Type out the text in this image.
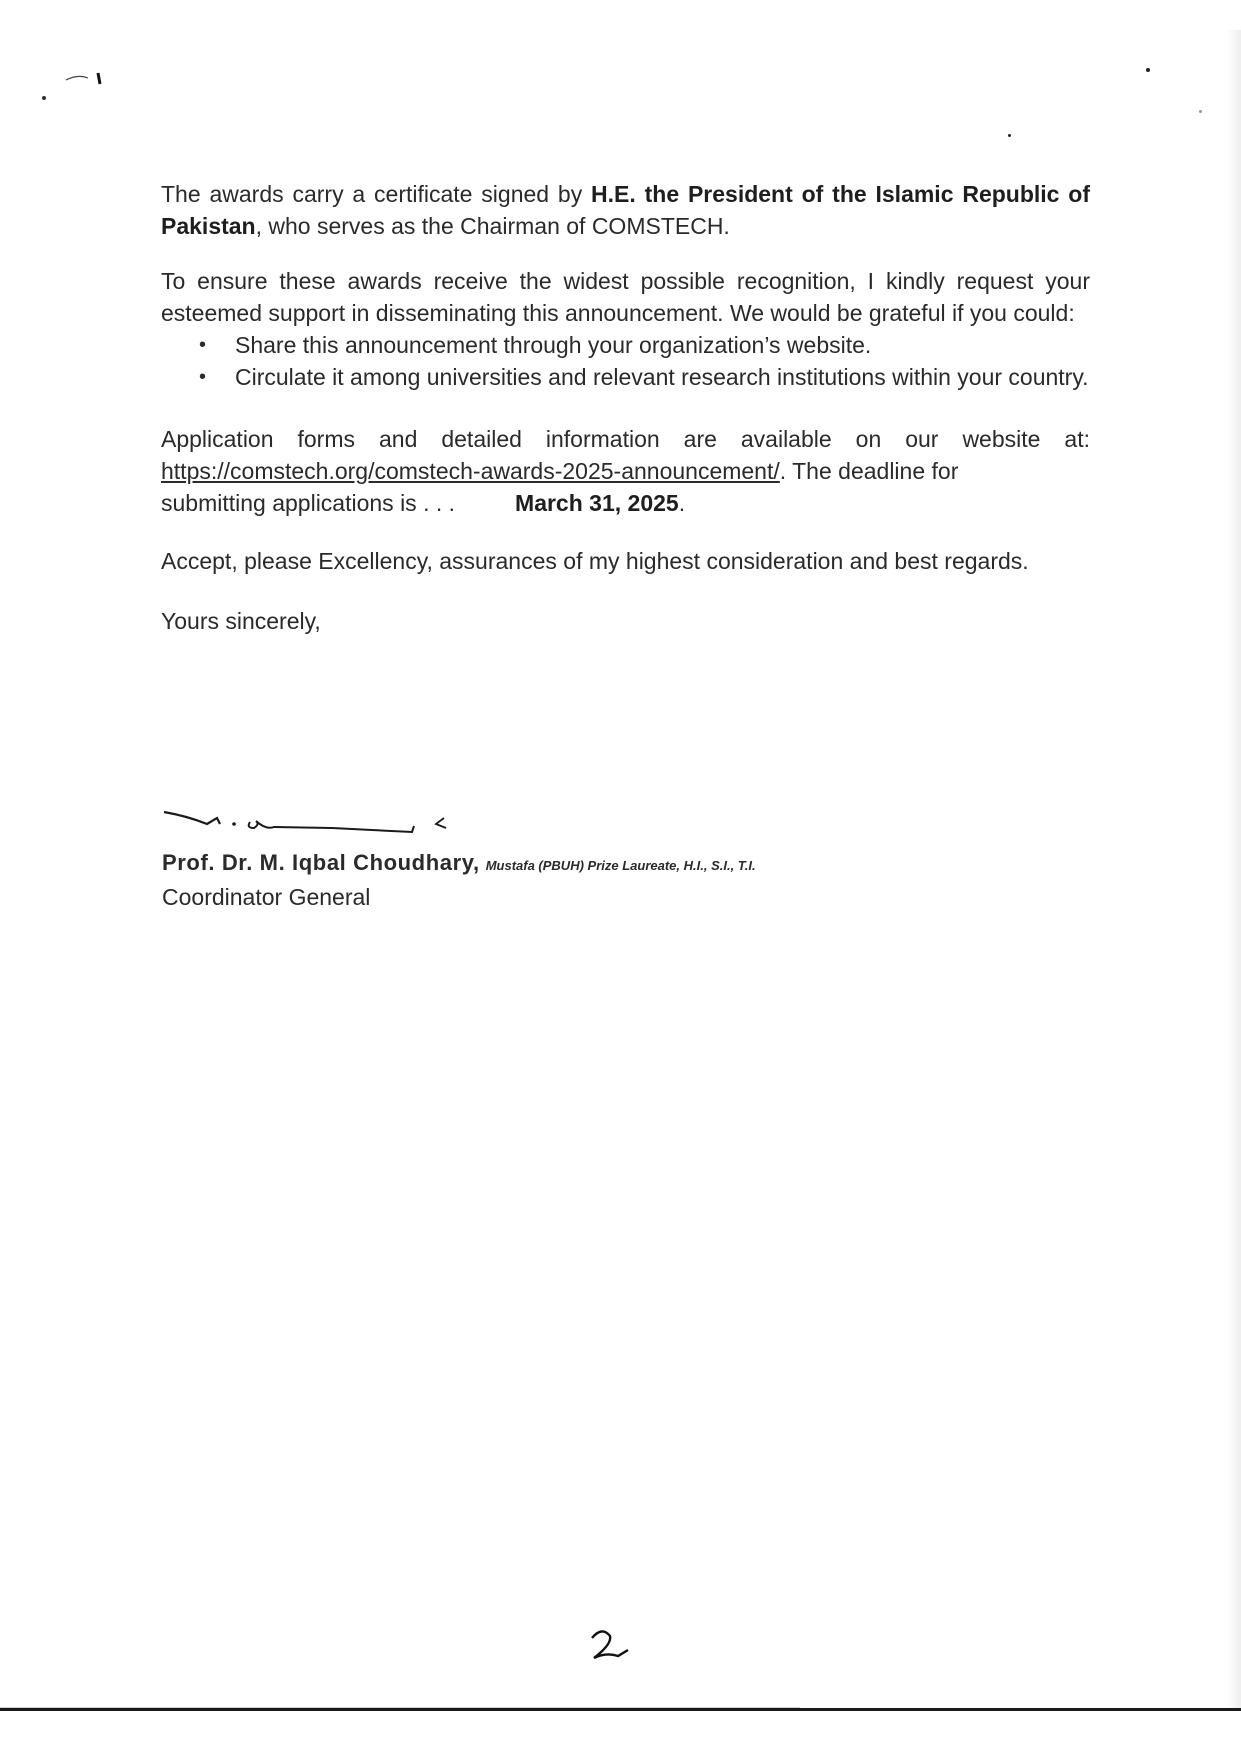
The awards carry a certificate signed by H.E. the President of the Islamic Republic of Pakistan, who serves as the Chairman of COMSTECH.

To ensure these awards receive the widest possible recognition, I kindly request your esteemed support in disseminating this announcement. We would be grateful if you could:

• Share this announcement through your organization’s website.
• Circulate it among universities and relevant research institutions within your country.

Application forms and detailed information are available on our website at: https://comstech.org/comstech-awards-2025-announcement/. The deadline for

submitting applications is . . .	March 31, 2025 .

Accept, please Excellency, assurances of my highest consideration and best regards.

Yours sincerely,

Prof. Dr. M. Iqbal Choudhary, Mustafa (PBUH) Prize Laureate, H.I., S.I., T.I.
Coordinator General
